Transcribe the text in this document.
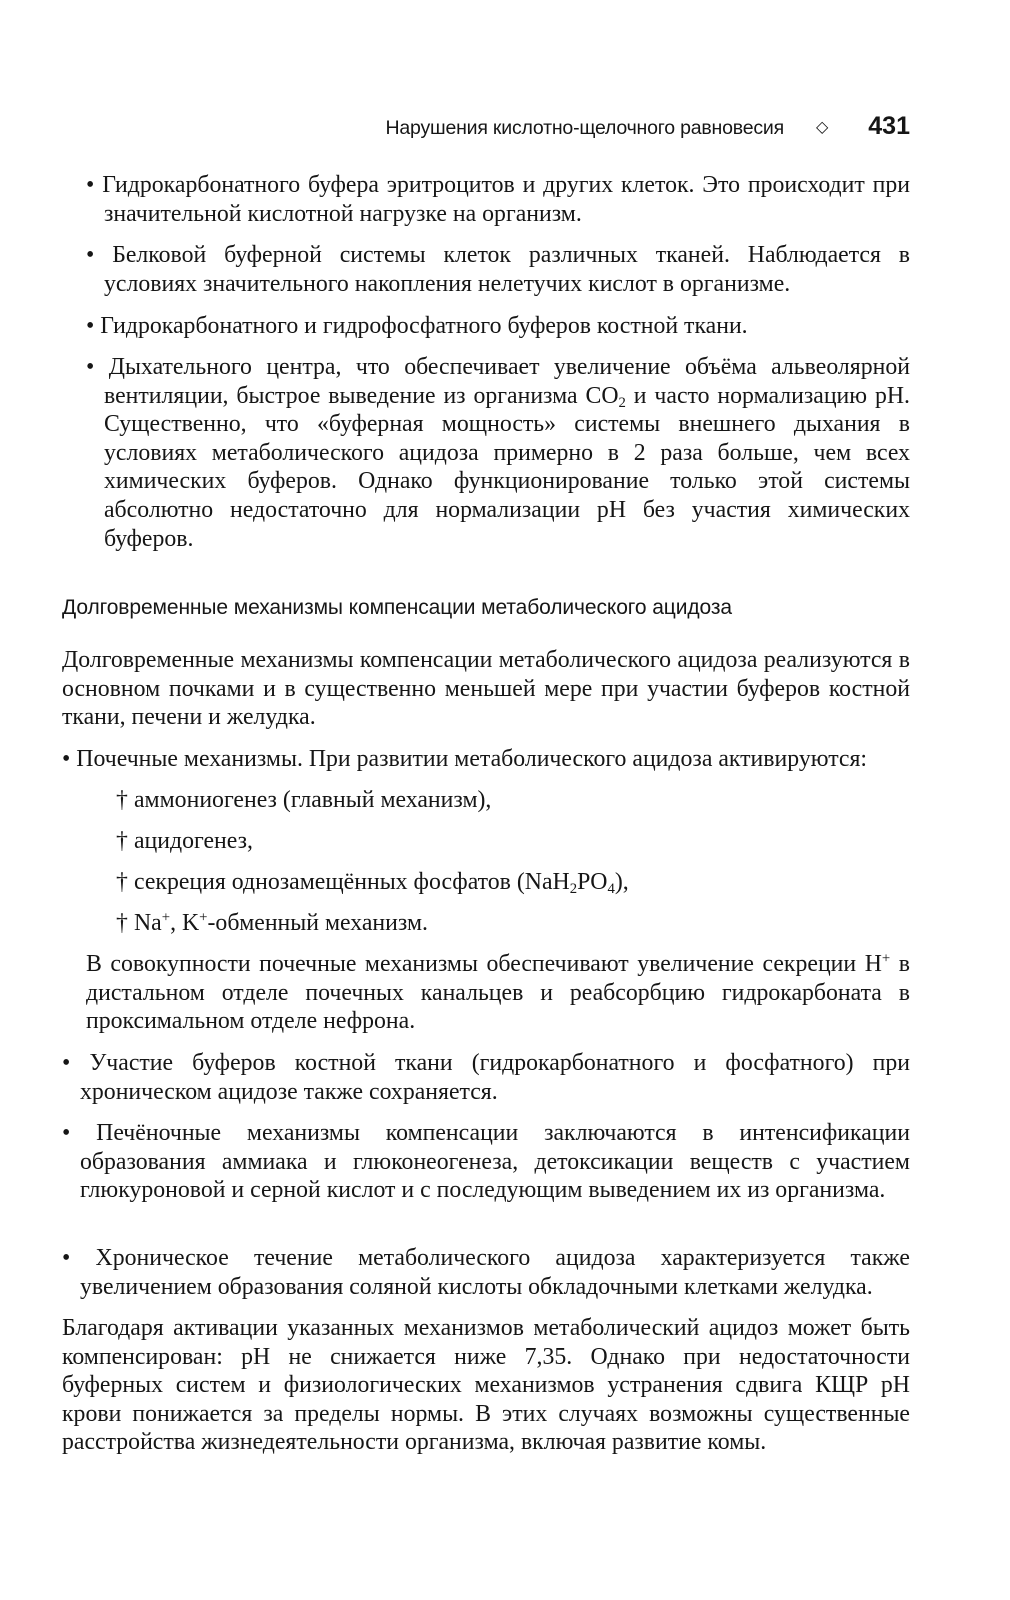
Нарушения кислотно-щелочного равновесия ◇ 431

• Гидрокарбонатного буфера эритроцитов и других клеток. Это происходит при значительной кислотной нагрузке на организм.

• Белковой буферной системы клеток различных тканей. Наблюдается в условиях значительного накопления нелетучих кислот в организме.

• Гидрокарбонатного и гидрофосфатного буферов костной ткани.

• Дыхательного центра, что обеспечивает увеличение объёма альвеолярной вентиляции, быстрое выведение из организма $CO_2$ и часто нормализацию pH. Существенно, что «буферная мощность» системы внешнего дыхания в условиях метаболического ацидоза примерно в 2 раза больше, чем всех химических буферов. Однако функционирование только этой системы абсолютно недостаточно для нормализации pH без участия химических буферов.

Долговременные механизмы компенсации метаболического ацидоза

Долговременные механизмы компенсации метаболического ацидоза реализуются в основном почками и в существенно меньшей мере при участии буферов костной ткани, печени и желудка.

• Почечные механизмы. При развитии метаболического ацидоза активируются:

† аммониогенез (главный механизм),

† ацидогенез,

† секреция однозамещённых фосфатов $(NaH_2PO_4)$,

† Na+, K+-обменный механизм.

В совокупности почечные механизмы обеспечивают увеличение секреции H+ в дистальном отделе почечных канальцев и реабсорбцию гидрокарбоната в проксимальном отделе нефрона.

• Участие буферов костной ткани (гидрокарбонатного и фосфатного) при хроническом ацидозе также сохраняется.

• Печёночные механизмы компенсации заключаются в интенсификации образования аммиака и глюконеогенеза, детоксикации веществ с участием глюкуроновой и серной кислот и с последующим выведением их из организма.

• Хроническое течение метаболического ацидоза характеризуется также увеличением образования соляной кислоты обкладочными клетками желудка.

Благодаря активации указанных механизмов метаболический ацидоз может быть компенсирован: pH не снижается ниже 7,35. Однако при недостаточности буферных систем и физиологических механизмов устранения сдвига КЩР pH крови понижается за пределы нормы. В этих случаях возможны существенные расстройства жизнедеятельности организма, включая развитие комы.
